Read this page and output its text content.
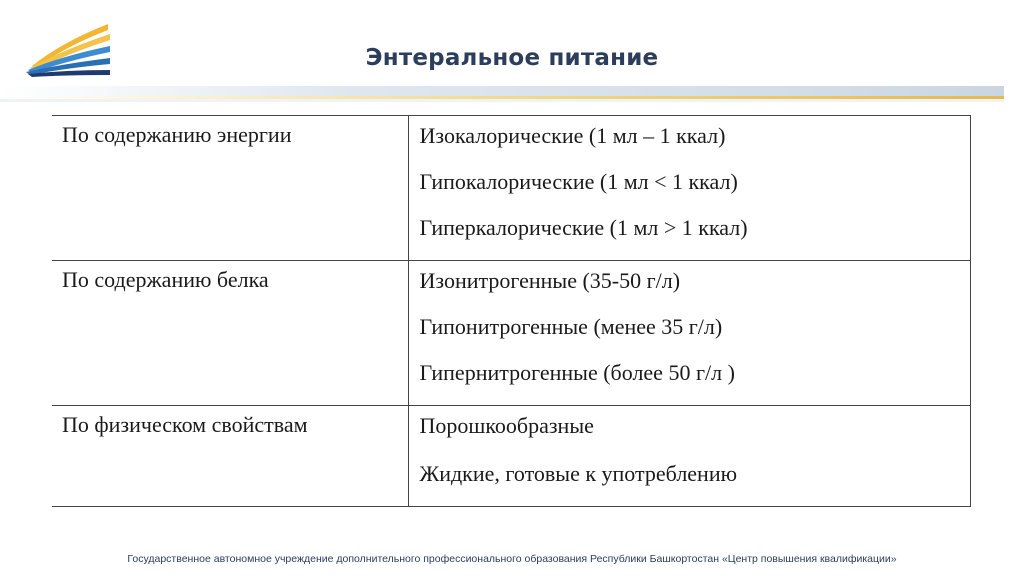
Энтеральное питание
По содержанию энергии	Изокалорические (1 мл – 1 ккал)
Гипокалорические (1 мл < 1 ккал)
Гиперкалорические (1 мл > 1 ккал)

По содержанию белка	Изонитрогенные (35-50 г/л)
Гипонитрогенные (менее 35 г/л)
Гипернитрогенные (более 50 г/л )

По физическом свойствам	Порошкообразные
Жидкие, готовые к употреблению
Государственное автономное учреждение дополнительного профессионального образования Республики Башкортостан «Центр повышения квалификации»
